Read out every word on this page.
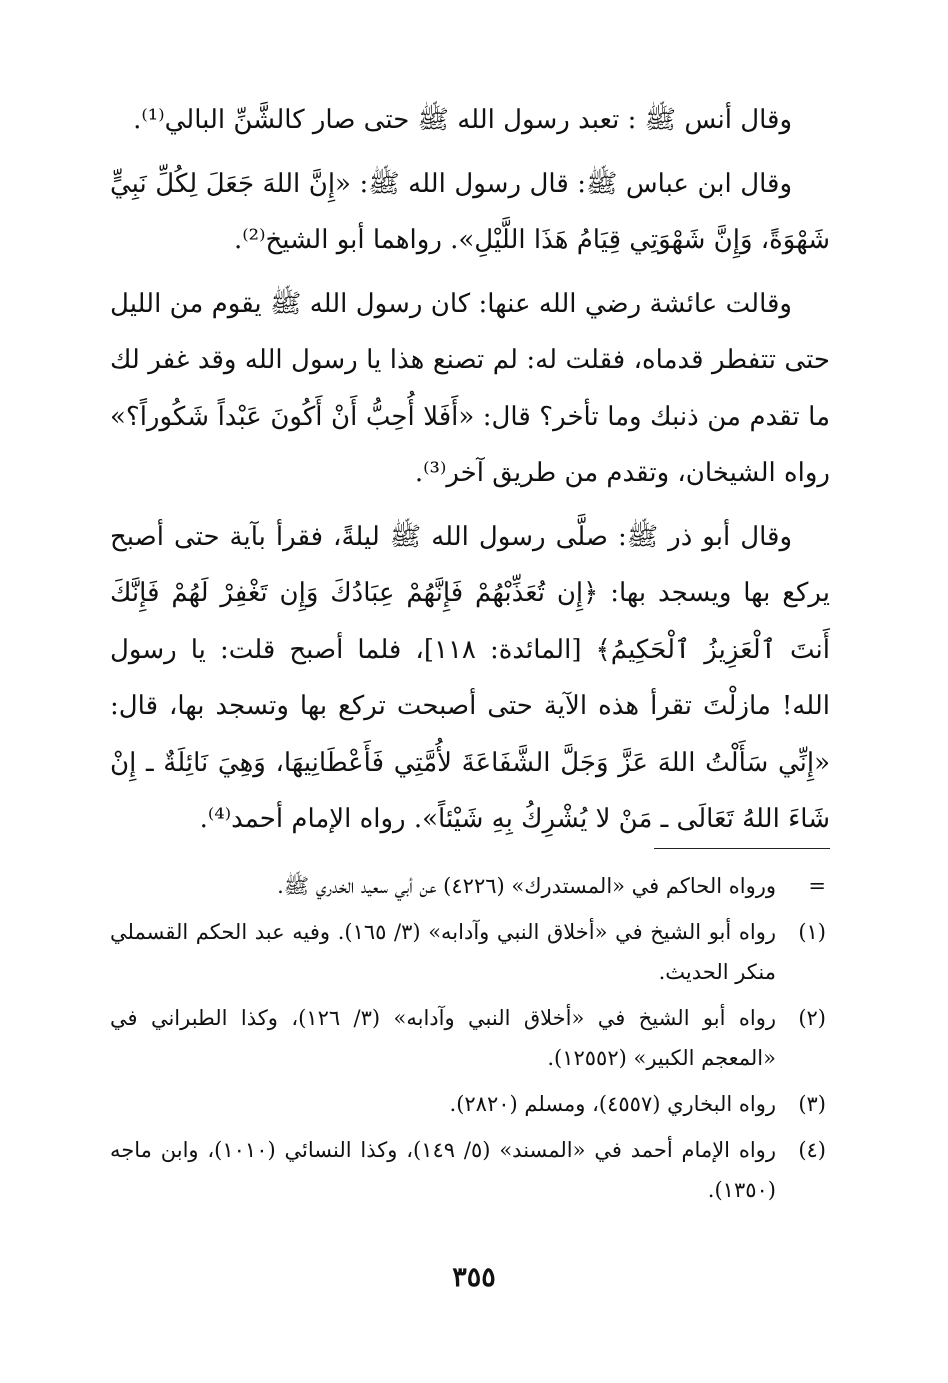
وقال أنس ﷺ : تعبد رسول الله ﷺ حتى صار كالشَّنِّ البالي⁽¹⁾.

وقال ابن عباس ﷺ: قال رسول الله ﷺ: «إِنَّ اللهَ جَعَلَ لِكُلِّ نَبِيٍّ شَهْوَةً، وَإِنَّ شَهْوَتِي قِيَامُ هَذَا اللَّيْلِ». رواهما أبو الشيخ⁽²⁾.

وقالت عائشة رضي الله عنها: كان رسول الله ﷺ يقوم من الليل حتى تتفطر قدماه، فقلت له: لم تصنع هذا يا رسول الله وقد غفر لك ما تقدم من ذنبك وما تأخر؟ قال: «أَفَلا أُحِبُّ أَنْ أَكُونَ عَبْداً شَكُوراً؟» رواه الشيخان، وتقدم من طريق آخر⁽³⁾.

وقال أبو ذر ﷺ: صلَّى رسول الله ﷺ ليلةً، فقرأ بآية حتى أصبح يركع بها ويسجد بها: ﴿إِن تُعَذِّبْهُمْ فَإِنَّهُمْ عِبَادُكَ وَإِن تَغْفِرْ لَهُمْ فَإِنَّكَ أَنتَ ٱلْعَزِيزُ ٱلْحَكِيمُ﴾ [المائدة: ١١٨]، فلما أصبح قلت: يا رسول الله! مازلْتَ تقرأ هذه الآية حتى أصبحت تركع بها وتسجد بها، قال: «إِنِّي سَأَلْتُ اللهَ عَزَّ وَجَلَّ الشَّفَاعَةَ لأُمَّتِي فَأَعْطَانِيهَا، وَهِيَ نَائِلَةٌ ـ إِنْ شَاءَ اللهُ تَعَالَى ـ مَنْ لا يُشْرِكُ بِهِ شَيْئاً». رواه الإمام أحمد⁽⁴⁾.

=
ورواه الحاكم في «المستدرك» (٤٢٢٦) عن أبي سعيد الخدري ﷺ.
(١)
رواه أبو الشيخ في «أخلاق النبي وآدابه» (٣/ ١٦٥). وفيه عبد الحكم القسملي منكر الحديث.
(٢)
رواه أبو الشيخ في «أخلاق النبي وآدابه» (٣/ ١٢٦)، وكذا الطبراني في «المعجم الكبير» (١٢٥٥٢).
(٣)
رواه البخاري (٤٥٥٧)، ومسلم (٢٨٢٠).
(٤)
رواه الإمام أحمد في «المسند» (٥/ ١٤٩)، وكذا النسائي (١٠١٠)، وابن ماجه (١٣٥٠).
٣٥٥
